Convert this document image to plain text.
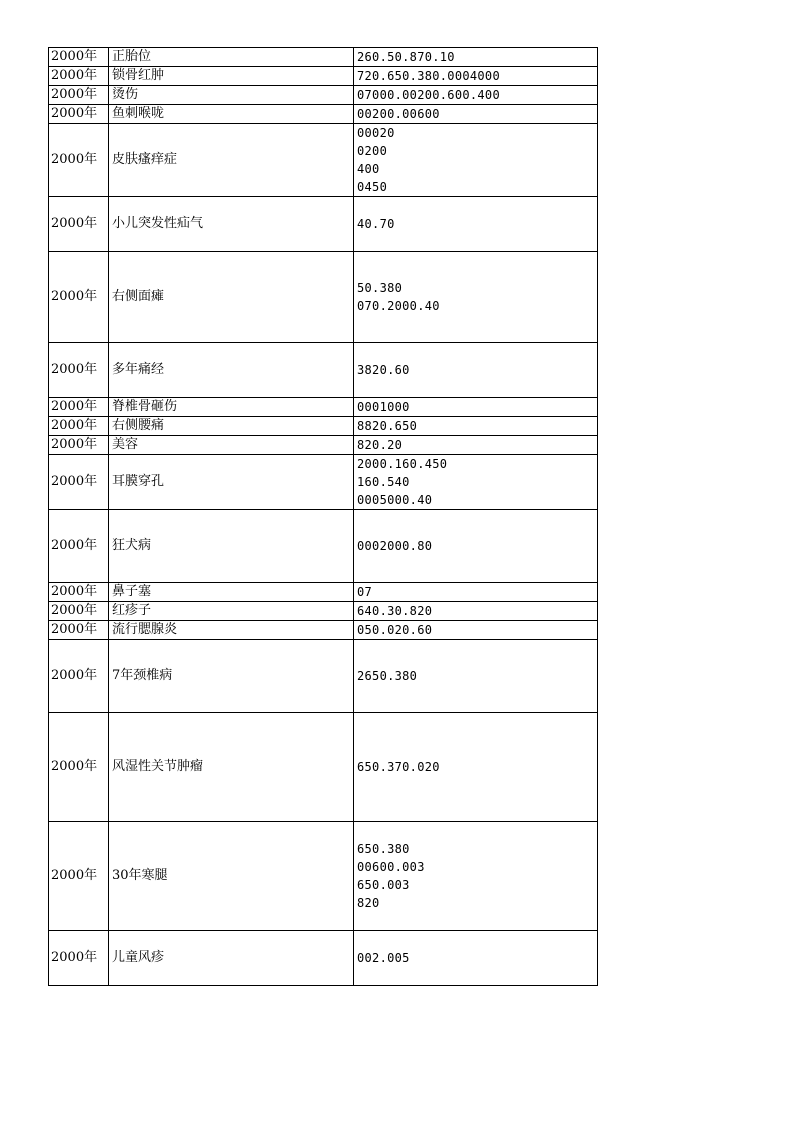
2000年	正胎位	260.50.870.10

2000年	锁骨红肿	720.650.380.0004000

2000年	烫伤	07000.00200.600.400

2000年	鱼刺喉咙	00200.00600

2000年	皮肤瘙痒症	00020
0200
400
0450

2000年	小儿突发性疝气	40.70

2000年	右侧面瘫	50.380
070.2000.40

2000年	多年痛经	3820.60

2000年	脊椎骨砸伤	0001000

2000年	右侧腰痛	8820.650

2000年	美容	820.20

2000年	耳膜穿孔	2000.160.450
160.540
0005000.40

2000年	狂犬病	0002000.80

2000年	鼻子塞	07

2000年	红疹子	640.30.820

2000年	流行腮腺炎	050.020.60

2000年	7年颈椎病	2650.380

2000年	风湿性关节肿瘤	650.370.020

2000年	30年寒腿	650.380
00600.003
650.003
820

2000年	儿童风疹	002.005
